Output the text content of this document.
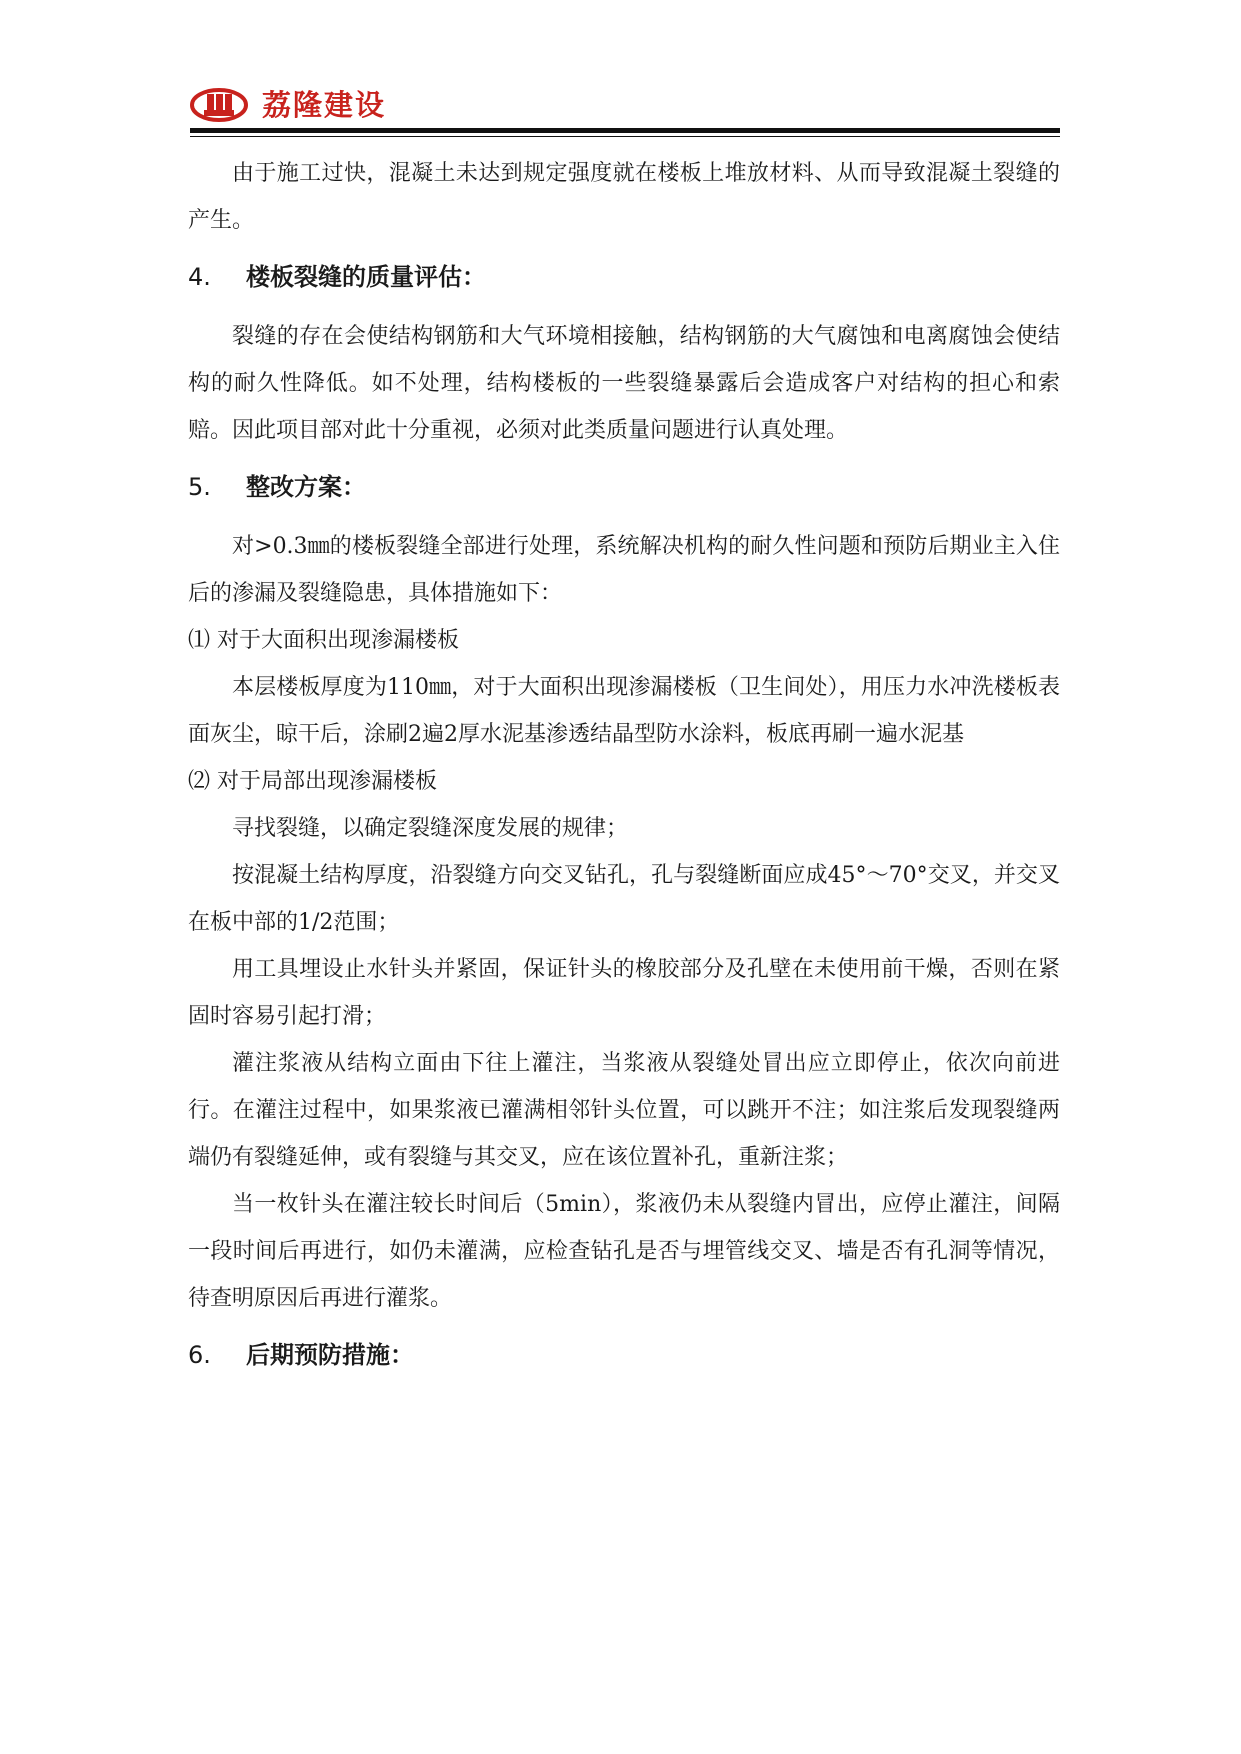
荔隆建设

由于施工过快，混凝土未达到规定强度就在楼板上堆放材料、从而导致混凝土裂缝的产生。

4. 楼板裂缝的质量评估：

裂缝的存在会使结构钢筋和大气环境相接触，结构钢筋的大气腐蚀和电离腐蚀会使结构的耐久性降低。如不处理，结构楼板的一些裂缝暴露后会造成客户对结构的担心和索赔。因此项目部对此十分重视，必须对此类质量问题进行认真处理。

5. 整改方案：

对>0.3㎜的楼板裂缝全部进行处理，系统解决机构的耐久性问题和预防后期业主入住后的渗漏及裂缝隐患，具体措施如下：

⑴ 对于大面积出现渗漏楼板

本层楼板厚度为110㎜，对于大面积出现渗漏楼板（卫生间处），用压力水冲洗楼板表面灰尘，晾干后，涂刷2遍2厚水泥基渗透结晶型防水涂料，板底再刷一遍水泥基

⑵ 对于局部出现渗漏楼板

寻找裂缝，以确定裂缝深度发展的规律；

按混凝土结构厚度，沿裂缝方向交叉钻孔，孔与裂缝断面应成45°～70°交叉，并交叉在板中部的1/2范围；

用工具埋设止水针头并紧固，保证针头的橡胶部分及孔壁在未使用前干燥，否则在紧固时容易引起打滑；

灌注浆液从结构立面由下往上灌注，当浆液从裂缝处冒出应立即停止，依次向前进行。在灌注过程中，如果浆液已灌满相邻针头位置，可以跳开不注；如注浆后发现裂缝两端仍有裂缝延伸，或有裂缝与其交叉，应在该位置补孔，重新注浆；

当一枚针头在灌注较长时间后（5min），浆液仍未从裂缝内冒出，应停止灌注，间隔一段时间后再进行，如仍未灌满，应检查钻孔是否与埋管线交叉、墙是否有孔洞等情况，待查明原因后再进行灌浆。

6. 后期预防措施：
